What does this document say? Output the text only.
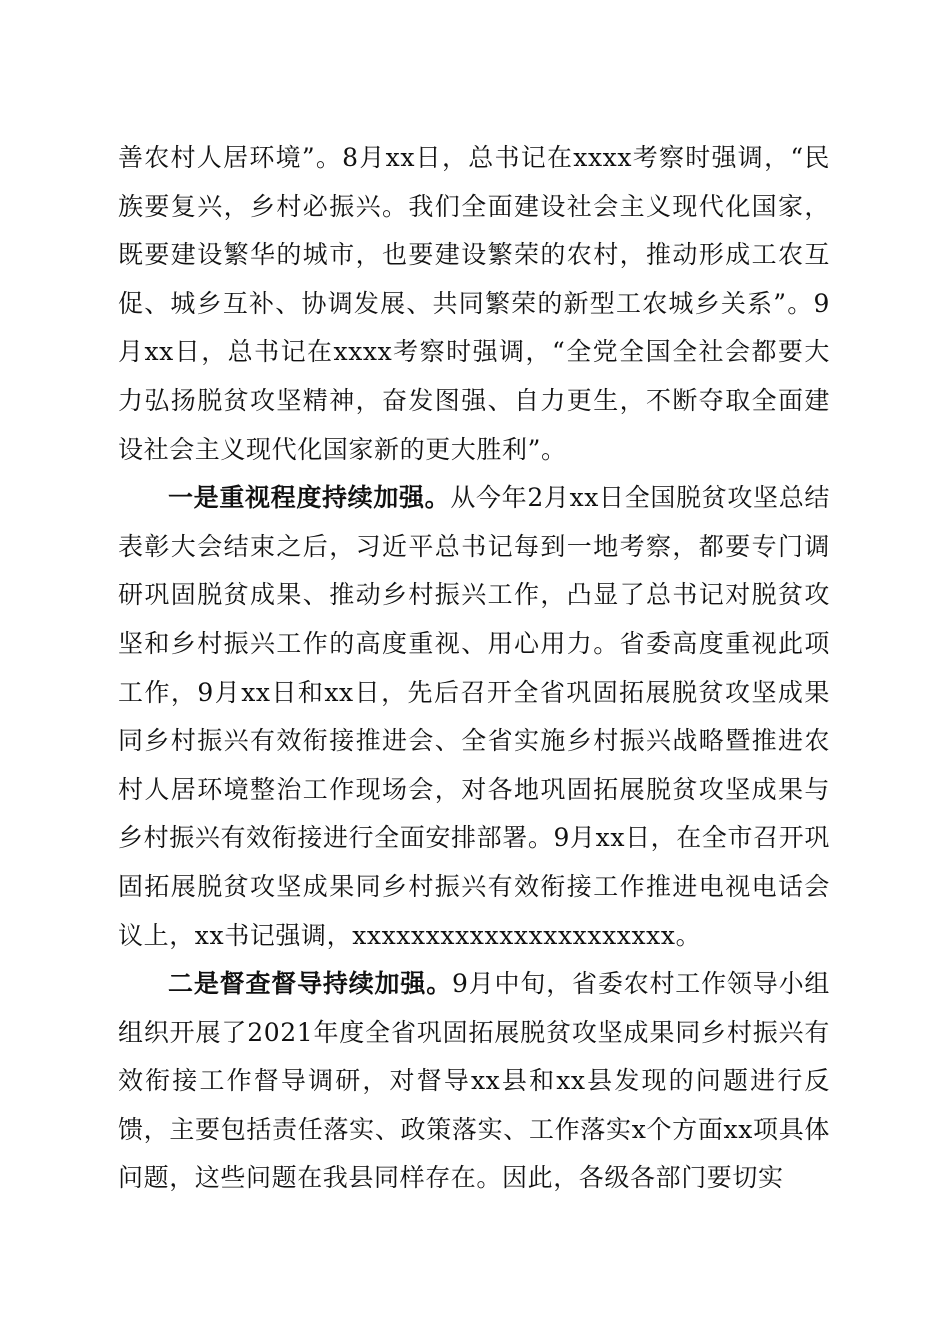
善农村人居环境”。8月xx日，总书记在xxxx考察时强调，“民族要复兴，乡村必振兴。我们全面建设社会主义现代化国家，既要建设繁华的城市，也要建设繁荣的农村，推动形成工农互促、城乡互补、协调发展、共同繁荣的新型工农城乡关系”。9月xx日，总书记在xxxx考察时强调，“全党全国全社会都要大力弘扬脱贫攻坚精神，奋发图强、自力更生，不断夺取全面建设社会主义现代化国家新的更大胜利”。

一是重视程度持续加强。从今年2月xx日全国脱贫攻坚总结表彰大会结束之后，习近平总书记每到一地考察，都要专门调研巩固脱贫成果、推动乡村振兴工作，凸显了总书记对脱贫攻坚和乡村振兴工作的高度重视、用心用力。省委高度重视此项工作，9月xx日和xx日，先后召开全省巩固拓展脱贫攻坚成果同乡村振兴有效衔接推进会、全省实施乡村振兴战略暨推进农村人居环境整治工作现场会，对各地巩固拓展脱贫攻坚成果与乡村振兴有效衔接进行全面安排部署。9月xx日，在全市召开巩固拓展脱贫攻坚成果同乡村振兴有效衔接工作推进电视电话会议上，xx书记强调，xxxxxxxxxxxxxxxxxxxxxx。

二是督查督导持续加强。9月中旬，省委农村工作领导小组组织开展了2021年度全省巩固拓展脱贫攻坚成果同乡村振兴有效衔接工作督导调研，对督导xx县和xx县发现的问题进行反馈，主要包括责任落实、政策落实、工作落实x个方面xx项具体问题，这些问题在我县同样存在。因此，各级各部门要切实
